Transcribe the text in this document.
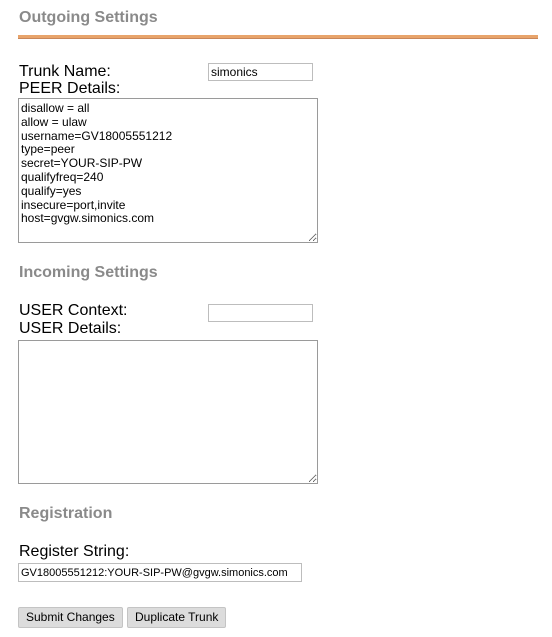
Outgoing Settings
Trunk Name:
simonics
PEER Details:
disallow = all allow = ulaw username=GV18005551212 type=peer secret=YOUR-SIP-PW qualifyfreq=240 qualify=yes insecure=port,invite host=gvgw.simonics.com
Incoming Settings
USER Context:
USER Details:
Registration
Register String:
GV18005551212:YOUR-SIP-PW@gvgw.simonics.com
Submit Changes	Duplicate Trunk
